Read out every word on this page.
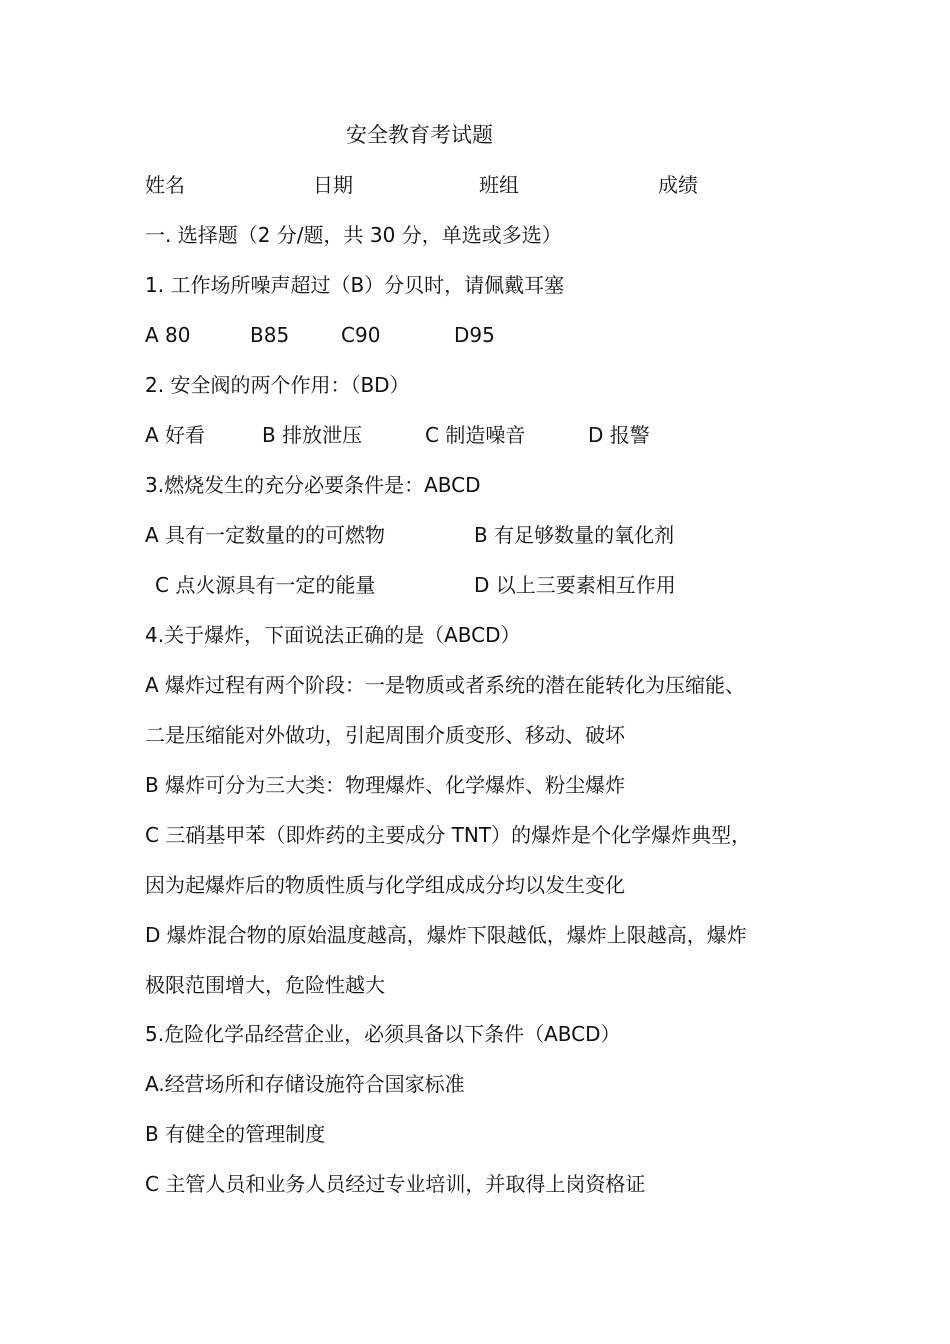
安全教育考试题
姓名	日期	班组	成绩
一. 选择题（2 分/题，共 30 分，单选或多选）
1. 工作场所噪声超过（B）分贝时，请佩戴耳塞
A 80	B85	C90	D95
2. 安全阀的两个作用：（BD）
A 好看	B 排放泄压	C 制造噪音	D 报警
3.燃烧发生的充分必要条件是：ABCD
A 具有一定数量的的可燃物	B 有足够数量的氧化剂
C 点火源具有一定的能量	D 以上三要素相互作用
4.关于爆炸，下面说法正确的是（ABCD）
A 爆炸过程有两个阶段：一是物质或者系统的潜在能转化为压缩能、
二是压缩能对外做功，引起周围介质变形、移动、破坏
B 爆炸可分为三大类：物理爆炸、化学爆炸、粉尘爆炸
C 三硝基甲苯（即炸药的主要成分 TNT）的爆炸是个化学爆炸典型，
因为起爆炸后的物质性质与化学组成成分均以发生变化
D 爆炸混合物的原始温度越高，爆炸下限越低，爆炸上限越高，爆炸
极限范围增大，危险性越大
5.危险化学品经营企业，必须具备以下条件（ABCD）
A.经营场所和存储设施符合国家标准
B 有健全的管理制度
C 主管人员和业务人员经过专业培训，并取得上岗资格证
